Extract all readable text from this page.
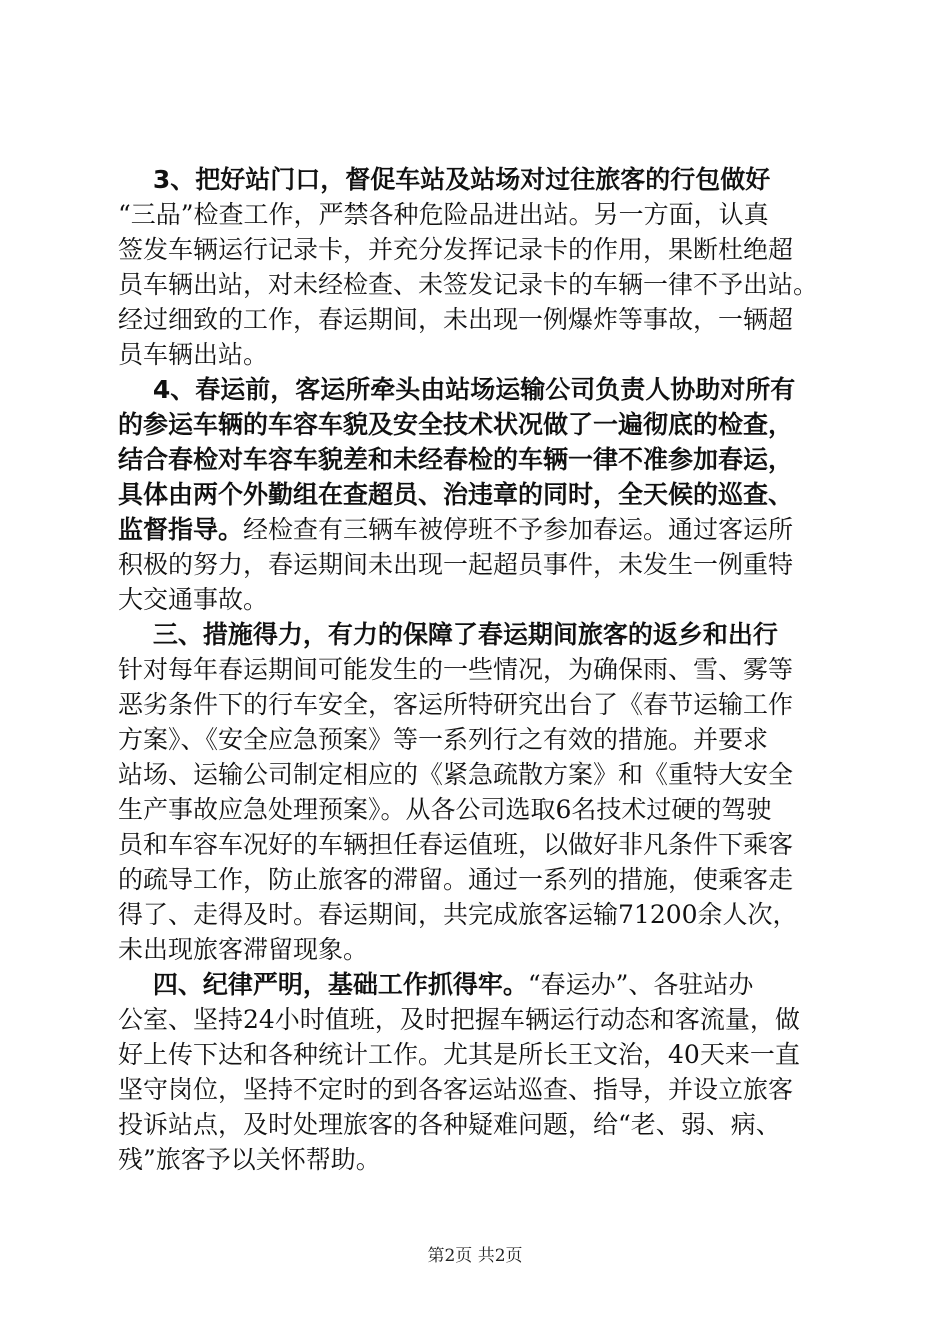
3、把好站门口，督促车站及站场对过往旅客的行包做好
“三品”检查工作，严禁各种危险品进出站。另一方面，认真
签发车辆运行记录卡，并充分发挥记录卡的作用，果断杜绝超
员车辆出站，对未经检查、未签发记录卡的车辆一律不予出站。
经过细致的工作，春运期间，未出现一例爆炸等事故，一辆超
员车辆出站。
4、春运前，客运所牵头由站场运输公司负责人协助对所有
的参运车辆的车容车貌及安全技术状况做了一遍彻底的检查，
结合春检对车容车貌差和未经春检的车辆一律不准参加春运，
具体由两个外勤组在查超员、治违章的同时，全天候的巡查、
监督指导。经检查有三辆车被停班不予参加春运。通过客运所
积极的努力，春运期间未出现一起超员事件，未发生一例重特
大交通事故。
三、措施得力，有力的保障了春运期间旅客的返乡和出行
针对每年春运期间可能发生的一些情况，为确保雨、雪、雾等
恶劣条件下的行车安全，客运所特研究出台了《春节运输工作
方案》、《安全应急预案》等一系列行之有效的措施。并要求
站场、运输公司制定相应的《紧急疏散方案》和《重特大安全
生产事故应急处理预案》。从各公司选取6名技术过硬的驾驶
员和车容车况好的车辆担任春运值班，以做好非凡条件下乘客
的疏导工作，防止旅客的滞留。通过一系列的措施，使乘客走
得了、走得及时。春运期间，共完成旅客运输71200余人次，
未出现旅客滞留现象。
四、纪律严明，基础工作抓得牢。“春运办”、各驻站办
公室、坚持24小时值班，及时把握车辆运行动态和客流量，做
好上传下达和各种统计工作。尤其是所长王文治，40天来一直
坚守岗位，坚持不定时的到各客运站巡查、指导，并设立旅客
投诉站点，及时处理旅客的各种疑难问题，给“老、弱、病、
残”旅客予以关怀帮助。
第2页 共2页
